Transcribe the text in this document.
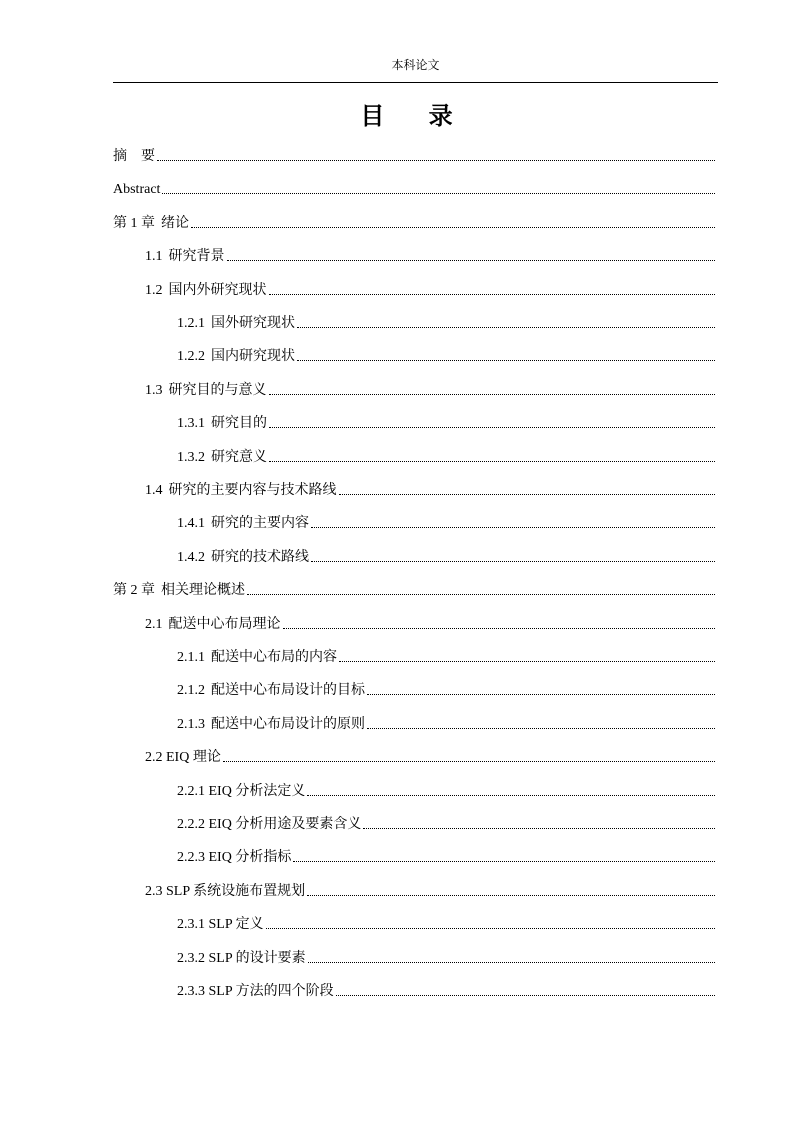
本科论文
目 录
摘　要
Abstract
第 1 章 绪论
1.1 研究背景
1.2 国内外研究现状
1.2.1 国外研究现状
1.2.2 国内研究现状
1.3 研究目的与意义
1.3.1 研究目的
1.3.2 研究意义
1.4 研究的主要内容与技术路线
1.4.1 研究的主要内容
1.4.2 研究的技术路线
第 2 章 相关理论概述
2.1 配送中心布局理论
2.1.1 配送中心布局的内容
2.1.2 配送中心布局设计的目标
2.1.3 配送中心布局设计的原则
2.2 EIQ 理论
2.2.1 EIQ 分析法定义
2.2.2 EIQ 分析用途及要素含义
2.2.3 EIQ 分析指标
2.3 SLP 系统设施布置规划
2.3.1 SLP 定义
2.3.2 SLP 的设计要素
2.3.3 SLP 方法的四个阶段
